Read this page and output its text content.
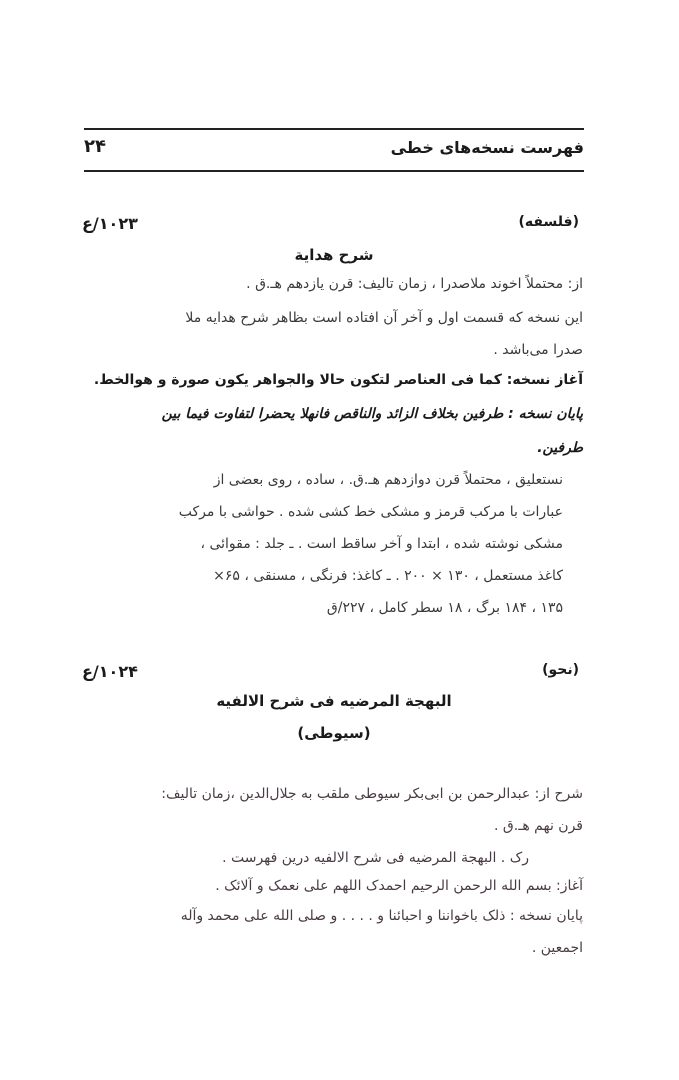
فهرست نسخه‌های خطی
۲۴
۱۰۲۳/ع	(فلسفه)
شرح هدایة
از: محتملاً اخوند ملاصدرا ، زمان تالیف: قرن یازدهم هـ.ق .
این نسخه که قسمت اول و آخر آن افتاده است بظاهر شرح هدایه ملا
صدرا می‌باشد .
آغاز نسخه: کما فی العناصر لتکون حالا والجواهر یکون صورة و هوالخط.
پایان نسخه : طرفین بخلاف الزائد والناقص فانهلا یحضرا لتفاوت فیما بین
طرفین.
نستعلیق ، محتملاً قرن دوازدهم هـ.ق. ، ساده ، روی بعضی از
عبارات با مرکب قرمز و مشکی خط کشی شده . حواشی با مرکب
مشکی نوشته شده ، ابتدا و آخر ساقط است . ـ جلد : مقوائی ،
کاغذ مستعمل ، ۱۳۰ × ۲۰۰ . ـ کاغذ: فرنگی ، مسنقی ، ۶۵×
۱۳۵ ، ۱۸۴ برگ ، ۱۸ سطر کامل ، ۲۲۷/ق
۱۰۲۴/ع	(نحو)
البهجة المرضیه فی شرح الالفیه
(سیوطی)
شرح از: عبدالرحمن بن ابی‌بکر سیوطی ملقب به جلال‌الدین ،زمان تالیف:
قرن نهم هـ.ق .
رک . البهجة المرضیه فی شرح الالفیه درین فهرست .
آغاز: بسم الله الرحمن الرحیم احمدک اللهم علی نعمک و آلائک .
پایان نسخه : ذلک باخواننا و احبائنا و . . . . و صلی الله علی محمد وآله
اجمعین .
